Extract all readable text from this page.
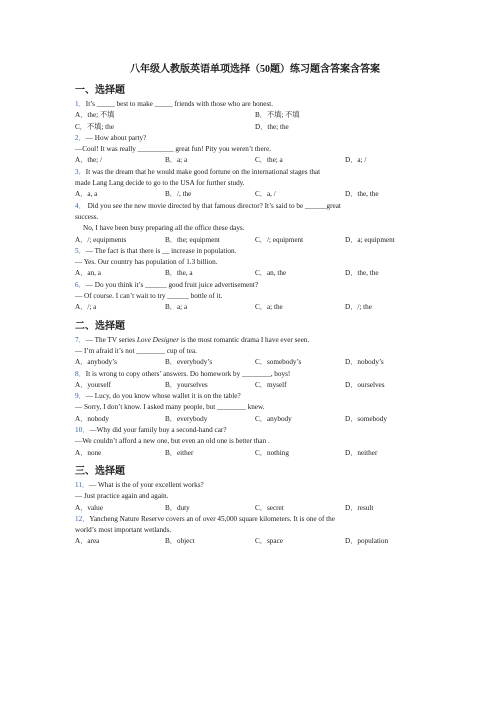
八年级人教版英语单项选择（50题）练习题含答案含答案
一、选择题
1．It’s _____ best to make _____ friends with those who are honest.
A．the; 不填	B．不填; 不填
C．不填; the	D．the; the
2．— How about party?
—Cool! It was really __________ great fun! Pity you weren’t there.
A．the; /	B．a; a	C．the; a	D．a; /
3．It was the dream that he would make good fortune on the international stages that
made Lang Lang decide to go to the USA for further study.
A．a, a	B．/, the	C．a, /	D．the, the
4． Did you see the new movie directed by that famous director? It’s said to be ______great
success.
No, I have been busy preparing all the office these days.
A．/; equipments	B．the; equipment	C．/; equipment	D．a; equipment
5．— The fact is that there is __ increase in population.
— Yes. Our country has population of 1.3 billion.
A．an, a	B．the, a	C．an, the	D．the, the
6．— Do you think it’s ______ good fruit juice advertisement?
— Of course. I can’t wait to try ______ bottle of it.
A．/; a	B．a; a	C．a; the	D．/; the
二、选择题
7．— The TV series Love Designer is the most romantic drama I have ever seen.
— I’m afraid it’s not ________ cup of tea.
A．anybody’s	B．everybody’s	C．somebody’s	D．nobody’s
8．It is wrong to copy others’ answers. Do homework by ________, boys!
A．yourself	B．yourselves	C．myself	D．ourselves
9．— Lucy, do you know whose wallet it is on the table?
— Sorry, I don’t know. I asked many people, but ________ knew.
A．nobody	B．everybody	C．anybody	D．somebody
10．—Why did your family buy a second-hand car?
—We couldn’t afford a new one, but even an old one is better than .
A．none	B．either	C．nothing	D．neither
三、选择题
11．— What is the of your excellent works?
— Just practice again and again.
A．value	B．duty	C．secret	D．result
12．Yancheng Nature Reserve covers an of over 45,000 square kilometers. It is one of the
world’s most important wetlands.
A．area	B．object	C．space	D．population
